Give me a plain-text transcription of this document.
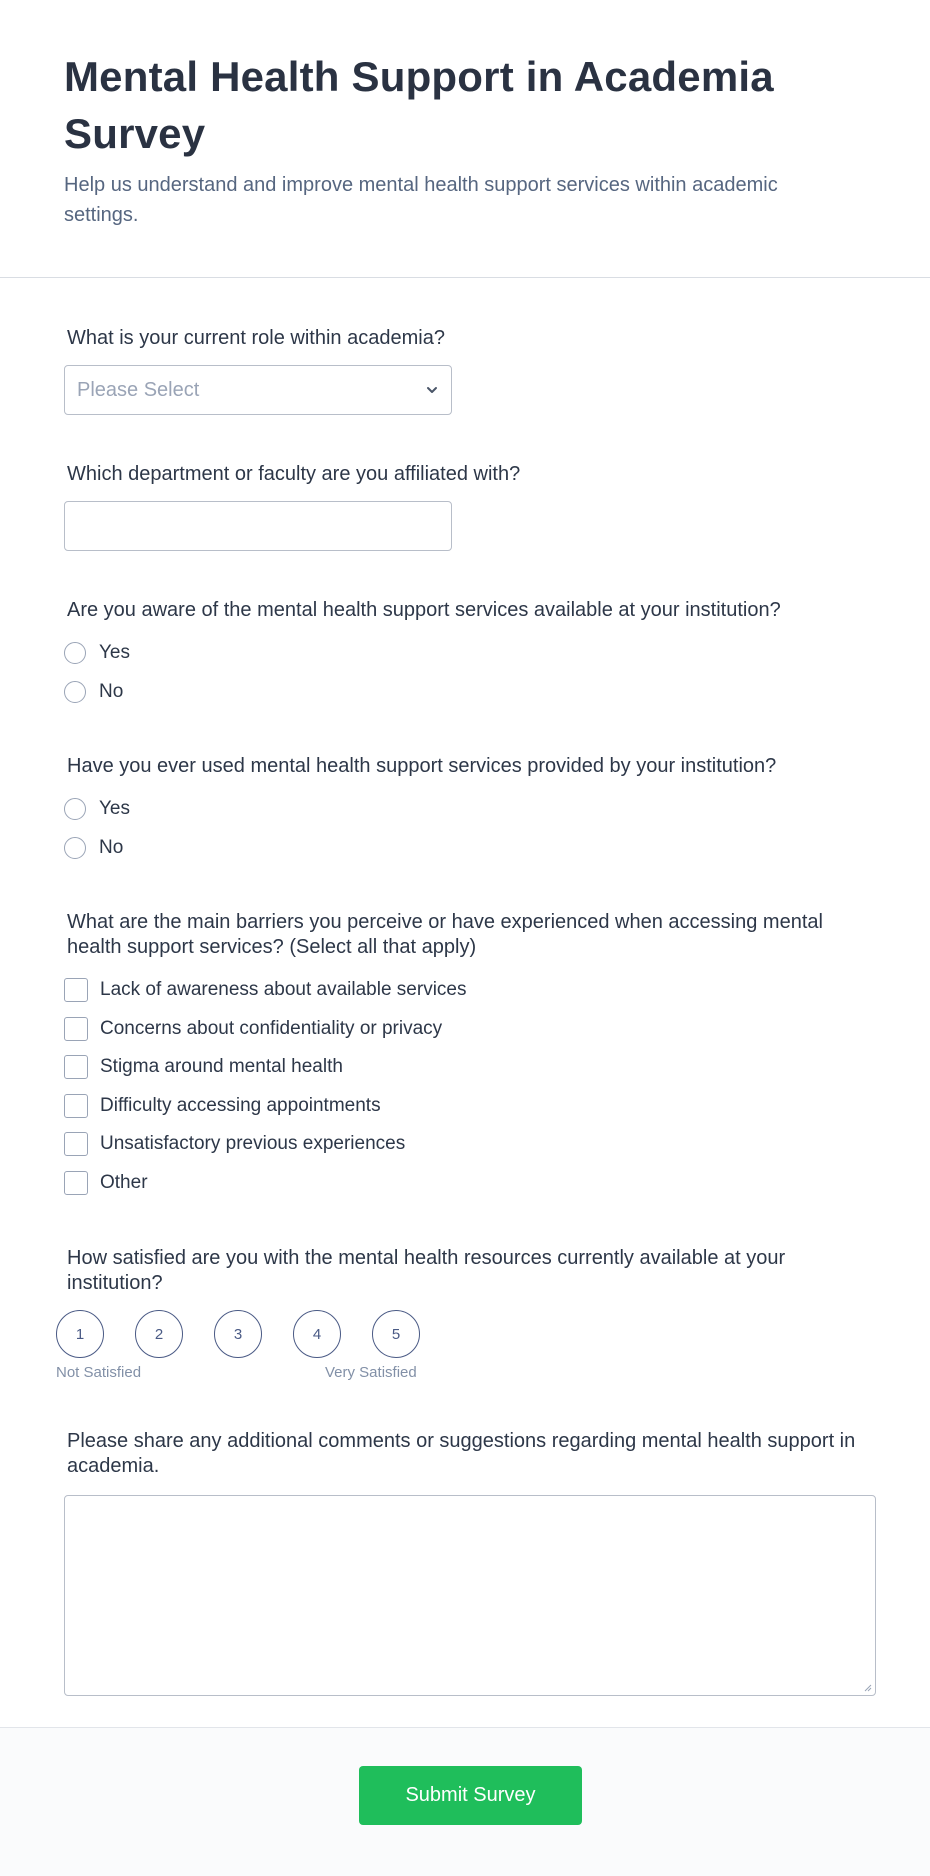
Mental Health Support in Academia Survey

Help us understand and improve mental health support services within academic settings.

What is your current role within academia?
Please Select
Which department or faculty are you affiliated with?
Are you aware of the mental health support services available at your institution?
Yes
No
Have you ever used mental health support services provided by your institution?
Yes
No
What are the main barriers you perceive or have experienced when accessing mental health support services? (Select all that apply)
Lack of awareness about available services
Concerns about confidentiality or privacy
Stigma around mental health
Difficulty accessing appointments
Unsatisfactory previous experiences
Other
How satisfied are you with the mental health resources currently available at your institution?
1	2	3	4	5
Not Satisfied	Very Satisfied
Please share any additional comments or suggestions regarding mental health support in academia.
Submit Survey
